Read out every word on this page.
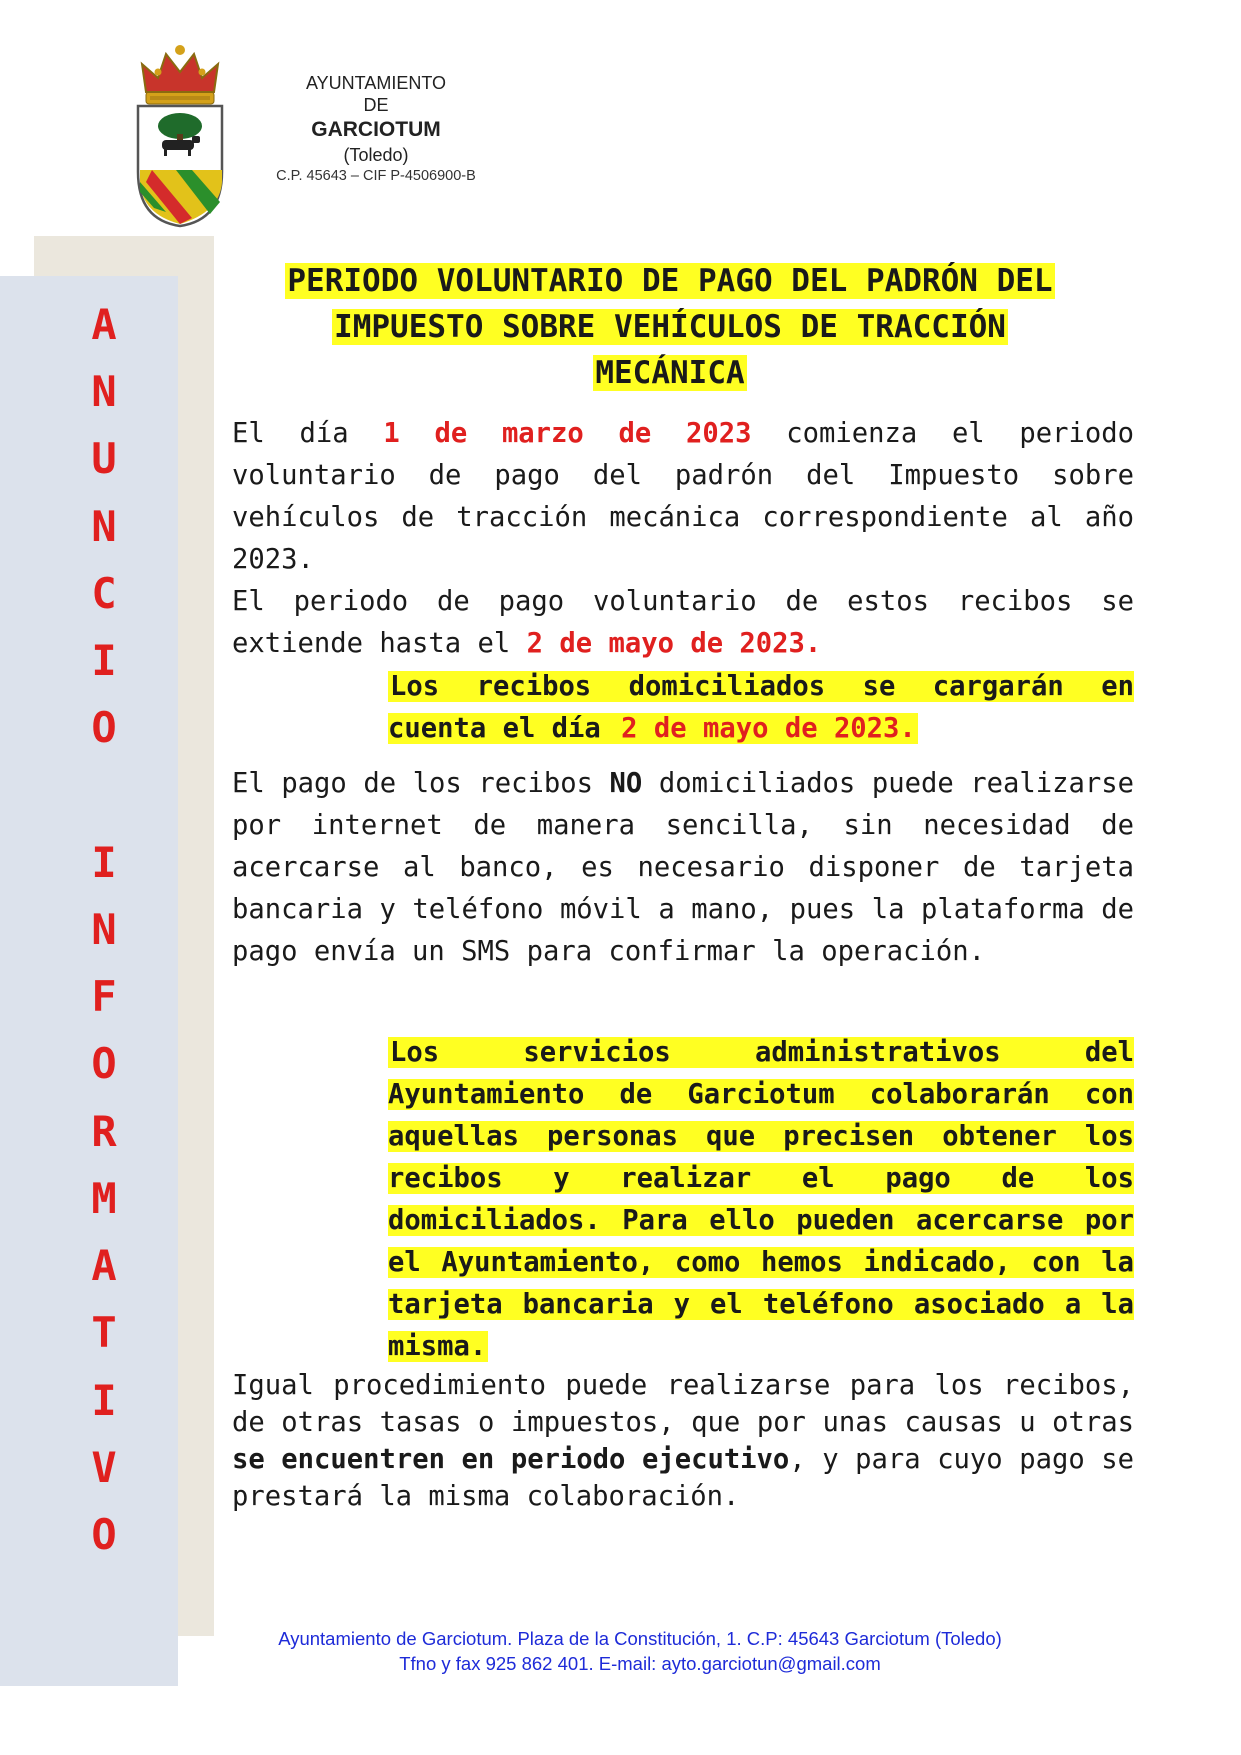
AYUNTAMIENTO
DE
GARCIOTUM
(Toledo)
C.P. 45643 – CIF P-4506900-B
A
N
U
N
C
I
O
I
N
F
O
R
M
A
T
I
V
O
PERIODO VOLUNTARIO DE PAGO DEL PADRÓN DEL
IMPUESTO SOBRE VEHÍCULOS DE TRACCIÓN
MECÁNICA

El día 1 de marzo de 2023 comienza el periodo voluntario de pago del padrón del Impuesto sobre vehículos de tracción mecánica correspondiente al año 2023.
El periodo de pago voluntario de estos recibos se extiende hasta el 2 de mayo de 2023.

Los recibos domiciliados se cargarán en cuenta el día 2 de mayo de 2023.

El pago de los recibos NO domiciliados puede realizarse por internet de manera sencilla, sin necesidad de acercarse al banco, es necesario disponer de tarjeta bancaria y teléfono móvil a mano, pues la plataforma de pago envía un SMS para confirmar la operación.

Los servicios administrativos del Ayuntamiento de Garciotum colaborarán con aquellas personas que precisen obtener los recibos y realizar el pago de los domiciliados. Para ello pueden acercarse por el Ayuntamiento, como hemos indicado, con la tarjeta bancaria y el teléfono asociado a la misma.

Igual procedimiento puede realizarse para los recibos, de otras tasas o impuestos, que por unas causas u otras se encuentren en periodo ejecutivo, y para cuyo pago se prestará la misma colaboración.

Ayuntamiento de Garciotum. Plaza de la Constitución, 1. C.P: 45643 Garciotum (Toledo)
Tfno y fax 925 862 401. E-mail: ayto.garciotun@gmail.com
